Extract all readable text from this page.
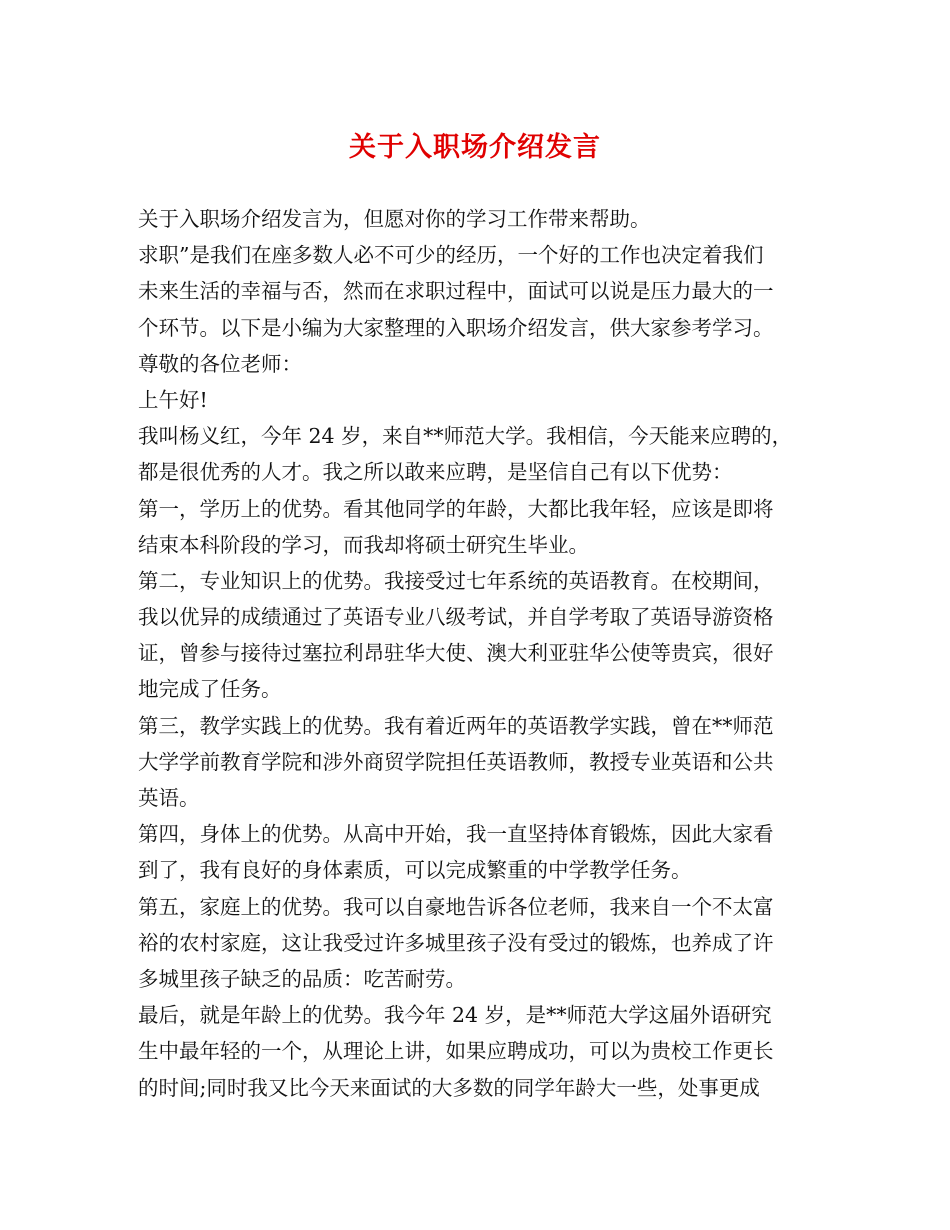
关于入职场介绍发言
关于入职场介绍发言为，但愿对你的学习工作带来帮助。
求职”是我们在座多数人必不可少的经历，一个好的工作也决定着我们
未来生活的幸福与否，然而在求职过程中，面试可以说是压力最大的一
个环节。以下是小编为大家整理的入职场介绍发言，供大家参考学习。
尊敬的各位老师：
上午好!
我叫杨义红，今年 24 岁，来自**师范大学。我相信，今天能来应聘的，
都是很优秀的人才。我之所以敢来应聘，是坚信自己有以下优势：
第一，学历上的优势。看其他同学的年龄，大都比我年轻，应该是即将
结束本科阶段的学习，而我却将硕士研究生毕业。
第二，专业知识上的优势。我接受过七年系统的英语教育。在校期间，
我以优异的成绩通过了英语专业八级考试，并自学考取了英语导游资格
证，曾参与接待过塞拉利昂驻华大使、澳大利亚驻华公使等贵宾，很好
地完成了任务。
第三，教学实践上的优势。我有着近两年的英语教学实践，曾在**师范
大学学前教育学院和涉外商贸学院担任英语教师，教授专业英语和公共
英语。
第四，身体上的优势。从高中开始，我一直坚持体育锻炼，因此大家看
到了，我有良好的身体素质，可以完成繁重的中学教学任务。
第五，家庭上的优势。我可以自豪地告诉各位老师，我来自一个不太富
裕的农村家庭，这让我受过许多城里孩子没有受过的锻炼，也养成了许
多城里孩子缺乏的品质：吃苦耐劳。
最后，就是年龄上的优势。我今年 24 岁，是**师范大学这届外语研究
生中最年轻的一个，从理论上讲，如果应聘成功，可以为贵校工作更长
的时间;同时我又比今天来面试的大多数的同学年龄大一些，处事更成
